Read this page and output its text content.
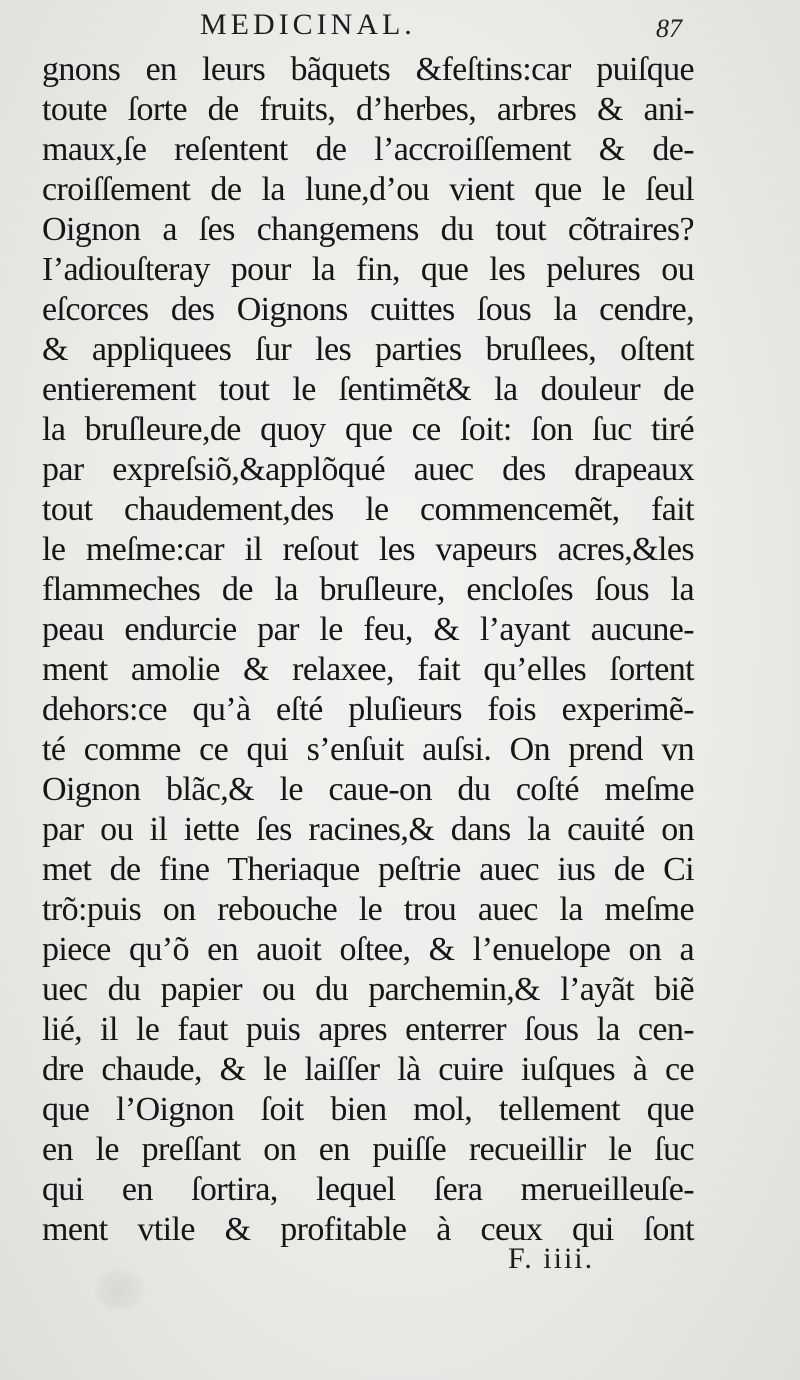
MEDICINAL.	87
gnons en leurs bãquets &feſtins:car puiſque
toute ſorte de fruits, d’herbes, arbres & ani-
maux,ſe reſentent de l’accroiſſement & de-
croiſſement de la lune,d’ou vient que le ſeul
Oignon a ſes changemens du tout cõtraires?
I’adiouſteray pour la fin, que les pelures ou
eſcorces des Oignons cuittes ſous la cendre,
& appliquees ſur les parties bruſlees, oſtent
entierement tout le ſentimẽt& la douleur de
la bruſleure,de quoy que ce ſoit: ſon ſuc tiré
par expreſsiõ,&applõqué auec des drapeaux
tout chaudement,des le commencemẽt, fait
le meſme:car il reſout les vapeurs acres,&les
flammeches de la bruſleure, encloſes ſous la
peau endurcie par le feu, & l’ayant aucune-
ment amolie & relaxee, fait qu’elles ſortent
dehors:ce qu’à eſté pluſieurs fois experimẽ-
té comme ce qui s’enſuit auſsi. On prend vn
Oignon blãc,& le caue-on du coſté meſme
par ou il iette ſes racines,& dans la cauité on
met de fine Theriaque peſtrie auec ius de Ci
trõ:puis on rebouche le trou auec la meſme
piece qu’õ en auoit oſtee, & l’enuelope on a
uec du papier ou du parchemin,& l’ayãt biẽ
lié, il le faut puis apres enterrer ſous la cen-
dre chaude, & le laiſſer là cuire iuſques à ce
que l’Oignon ſoit bien mol, tellement que
en le preſſant on en puiſſe recueillir le ſuc
qui en ſortira, lequel ſera merueilleuſe-
ment vtile & profitable à ceux qui ſont
F. iiii.
